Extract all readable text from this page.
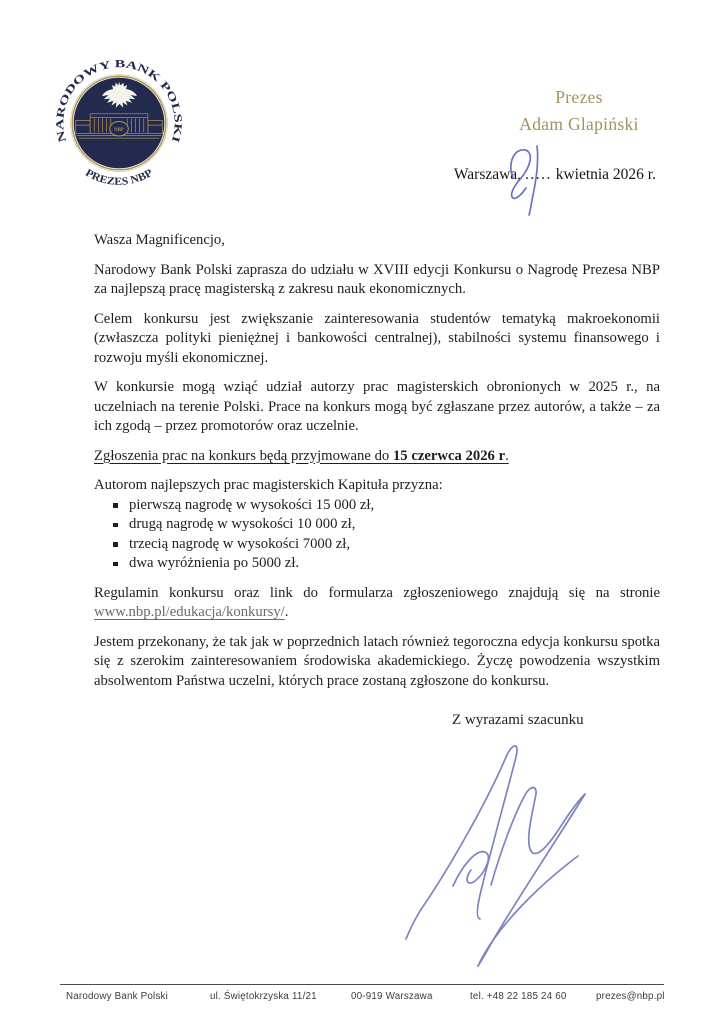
NARODOWY BANK POLSKI
PREZES NBP
NBP
Prezes
Adam Glapiński
Warszawa, ..... kwietnia 2026 r.

Wasza Magnificencjo,

Narodowy Bank Polski zaprasza do udziału w XVIII edycji Konkursu o Nagrodę Prezesa NBP za najlepszą pracę magisterską z zakresu nauk ekonomicznych.

Celem konkursu jest zwiększanie zainteresowania studentów tematyką makroekonomii (zwłaszcza polityki pieniężnej i bankowości centralnej), stabilności systemu finansowego i rozwoju myśli ekonomicznej.

W konkursie mogą wziąć udział autorzy prac magisterskich obronionych w 2025 r., na uczelniach na terenie Polski. Prace na konkurs mogą być zgłaszane przez autorów, a także – za ich zgodą – przez promotorów oraz uczelnie.

Zgłoszenia prac na konkurs będą przyjmowane do 15 czerwca 2026 r.

Autorom najlepszych prac magisterskich Kapituła przyzna:

pierwszą nagrodę w wysokości 15 000 zł,
drugą nagrodę w wysokości 10 000 zł,
trzecią nagrodę w wysokości 7000 zł,
dwa wyróżnienia po 5000 zł.

Regulamin konkursu oraz link do formularza zgłoszeniowego znajdują się na stronie www.nbp.pl/edukacja/konkursy/.

Jestem przekonany, że tak jak w poprzednich latach również tegoroczna edycja konkursu spotka się z szerokim zainteresowaniem środowiska akademickiego. Życzę powodzenia wszystkim absolwentom Państwa uczelni, których prace zostaną zgłoszone do konkursu.

Z wyrazami szacunku
Narodowy Bank Polski	ul. Świętokrzyska 11/21	00-919 Warszawa	tel. +48 22 185 24 60	prezes@nbp.pl
